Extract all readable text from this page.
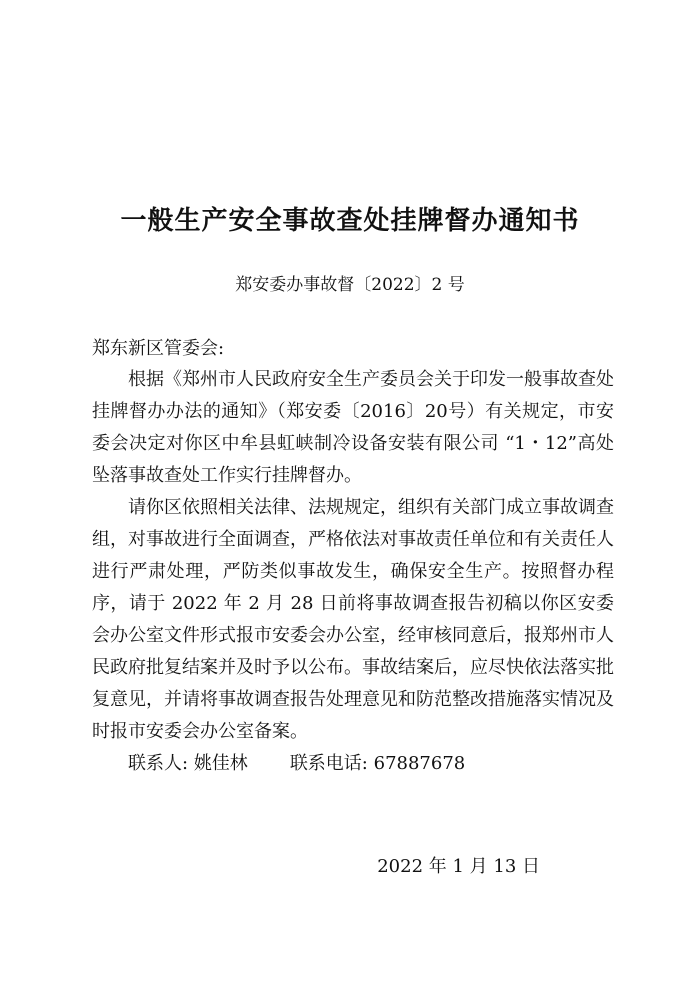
一般生产安全事故查处挂牌督办通知书
郑安委办事故督〔2022〕2 号
郑东新区管委会:

根据《郑州市人民政府安全生产委员会关于印发一般事故查处挂牌督办办法的通知》（郑安委〔2016〕20号）有关规定，市安委会决定对你区中牟县虹峡制冷设备安装有限公司 “1・12”高处坠落事故查处工作实行挂牌督办。

请你区依照相关法律、法规规定，组织有关部门成立事故调查组，对事故进行全面调查，严格依法对事故责任单位和有关责任人进行严肃处理，严防类似事故发生，确保安全生产。按照督办程序，请于 2022 年 2 月 28 日前将事故调查报告初稿以你区安委会办公室文件形式报市安委会办公室，经审核同意后，报郑州市人民政府批复结案并及时予以公布。事故结案后，应尽快依法落实批复意见，并请将事故调查报告处理意见和防范整改措施落实情况及时报市安委会办公室备案。

联系人: 姚佳林 联系电话: 67887678
2022 年 1 月 13 日
